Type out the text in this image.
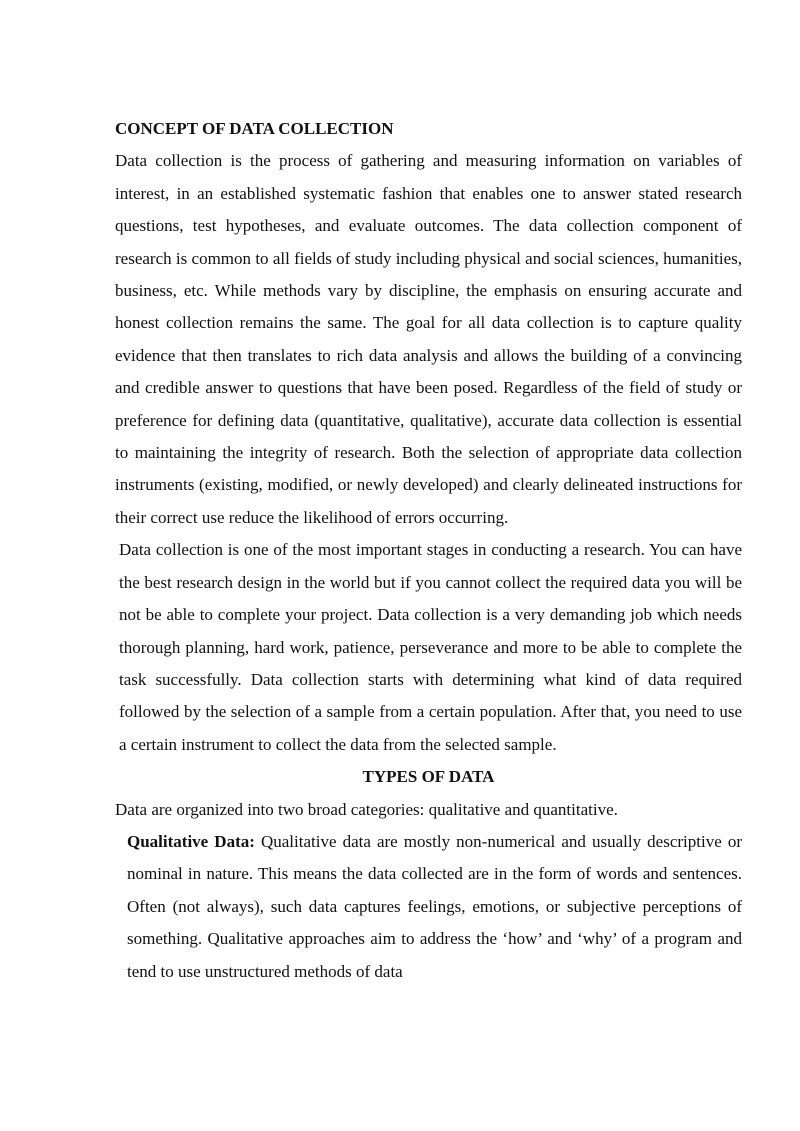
CONCEPT OF DATA COLLECTION

Data collection is the process of gathering and measuring information on variables of interest, in an established systematic fashion that enables one to answer stated research questions, test hypotheses, and evaluate outcomes. The data collection component of research is common to all fields of study including physical and social sciences, humanities, business, etc. While methods vary by discipline, the emphasis on ensuring accurate and honest collection remains the same. The goal for all data collection is to capture quality evidence that then translates to rich data analysis and allows the building of a convincing and credible answer to questions that have been posed. Regardless of the field of study or preference for defining data (quantitative, qualitative), accurate data collection is essential to maintaining the integrity of research. Both the selection of appropriate data collection instruments (existing, modified, or newly developed) and clearly delineated instructions for their correct use reduce the likelihood of errors occurring.

Data collection is one of the most important stages in conducting a research. You can have the best research design in the world but if you cannot collect the required data you will be not be able to complete your project. Data collection is a very demanding job which needs thorough planning, hard work, patience, perseverance and more to be able to complete the task successfully. Data collection starts with determining what kind of data required followed by the selection of a sample from a certain population. After that, you need to use a certain instrument to collect the data from the selected sample.

TYPES OF DATA

Data are organized into two broad categories: qualitative and quantitative.

Qualitative Data: Qualitative data are mostly non-numerical and usually descriptive or nominal in nature. This means the data collected are in the form of words and sentences. Often (not always), such data captures feelings, emotions, or subjective perceptions of something. Qualitative approaches aim to address the ‘how’ and ‘why’ of a program and tend to use unstructured methods of data
